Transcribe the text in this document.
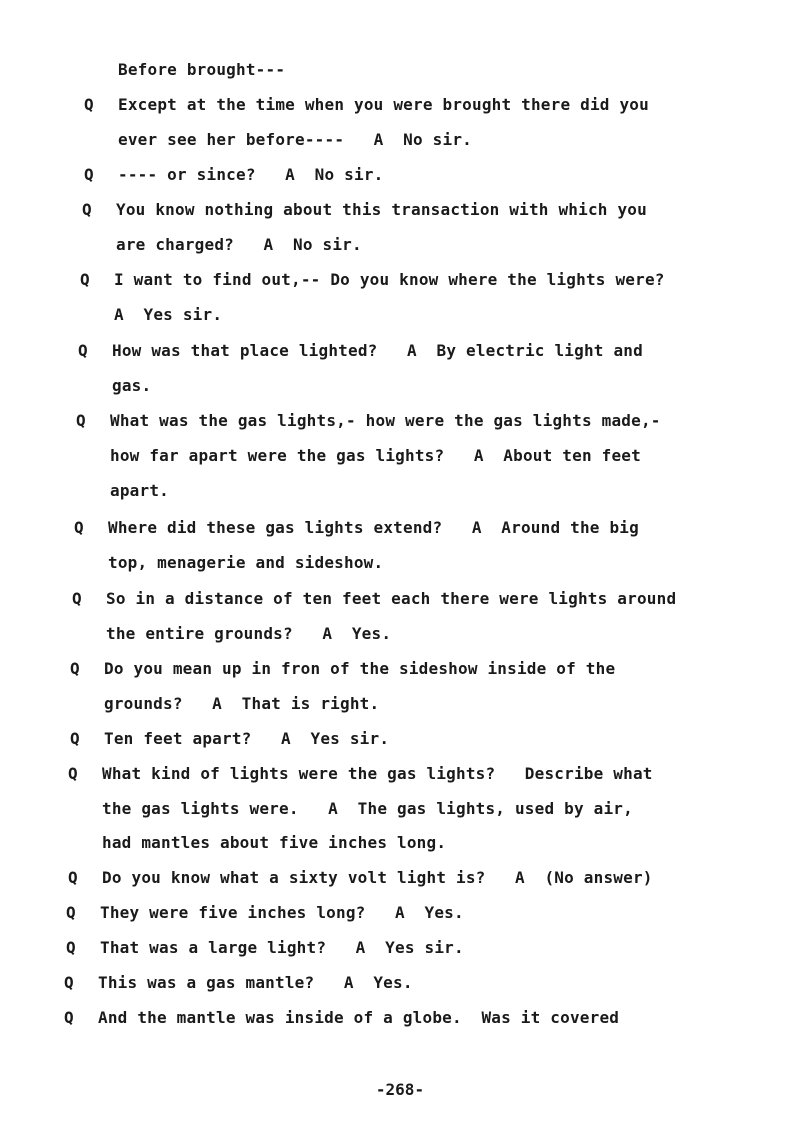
Before brought---
Q Except at the time when you were brought there did you
ever see her before----   A  No sir.
Q ---- or since?   A  No sir.
Q You know nothing about this transaction with which you
are charged?   A  No sir.
Q I want to find out,-- Do you know where the lights were?
A  Yes sir.
Q How was that place lighted?   A  By electric light and
gas.
Q What was the gas lights,- how were the gas lights made,-
how far apart were the gas lights?   A  About ten feet
apart.
Q Where did these gas lights extend?   A  Around the big
top, menagerie and sideshow.
Q So in a distance of ten feet each there were lights around
the entire grounds?   A  Yes.
Q Do you mean up in fron of the sideshow inside of the
grounds?   A  That is right.
Q Ten feet apart?   A  Yes sir.
Q What kind of lights were the gas lights?   Describe what
the gas lights were.   A  The gas lights, used by air,
had mantles about five inches long.
Q Do you know what a sixty volt light is?   A  (No answer)
Q They were five inches long?   A  Yes.
Q That was a large light?   A  Yes sir.
Q This was a gas mantle?   A  Yes.
Q And the mantle was inside of a globe.  Was it covered
-268-
